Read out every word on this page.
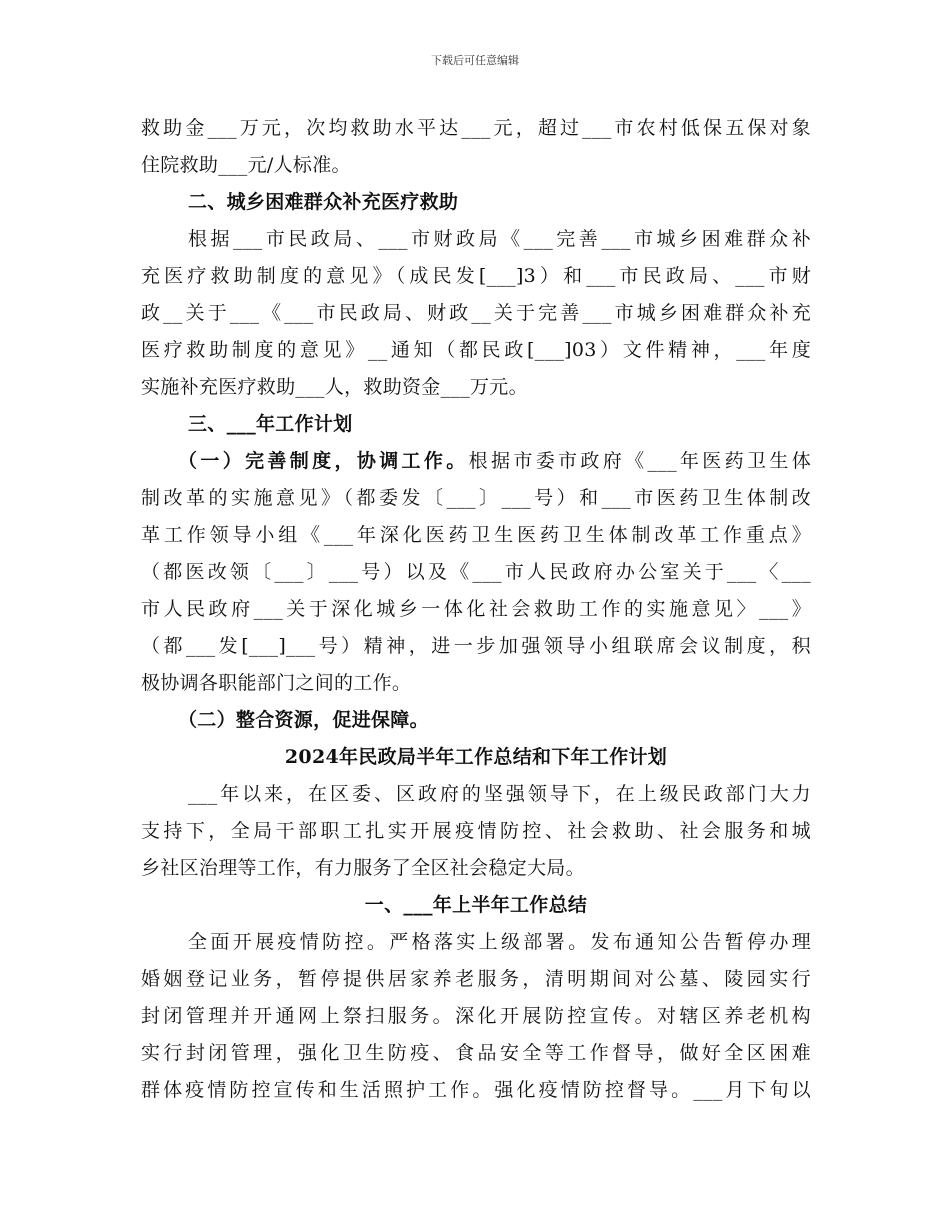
下载后可任意编辑
救助金___万元，次均救助水平达___元，超过___市农村低保五保对象
住院救助___元/人标准。
二、城乡困难群众补充医疗救助
根据___市民政局、___市财政局《___完善___市城乡困难群众补
充医疗救助制度的意见》（成民发[___]3）和___市民政局、___市财
政__关于___《___市民政局、财政__关于完善___市城乡困难群众补充
医疗救助制度的意见》__通知（都民政[___]03）文件精神，___年度
实施补充医疗救助___人，救助资金___万元。
三、___年工作计划
（一）完善制度，协调工作。根据市委市政府《___年医药卫生体
制改革的实施意见》（都委发〔___〕___号）和___市医药卫生体制改
革工作领导小组《___年深化医药卫生医药卫生体制改革工作重点》
（都医改领〔___〕___号）以及《___市人民政府办公室关于___〈___
市人民政府___关于深化城乡一体化社会救助工作的实施意见〉___》
（都___发[___]___号）精神，进一步加强领导小组联席会议制度，积
极协调各职能部门之间的工作。
（二）整合资源，促进保障。
2024年民政局半年工作总结和下年工作计划
___年以来，在区委、区政府的坚强领导下，在上级民政部门大力
支持下，全局干部职工扎实开展疫情防控、社会救助、社会服务和城
乡社区治理等工作，有力服务了全区社会稳定大局。
一、___年上半年工作总结
全面开展疫情防控。严格落实上级部署。发布通知公告暂停办理
婚姻登记业务，暂停提供居家养老服务，清明期间对公墓、陵园实行
封闭管理并开通网上祭扫服务。深化开展防控宣传。对辖区养老机构
实行封闭管理，强化卫生防疫、食品安全等工作督导，做好全区困难
群体疫情防控宣传和生活照护工作。强化疫情防控督导。___月下旬以
